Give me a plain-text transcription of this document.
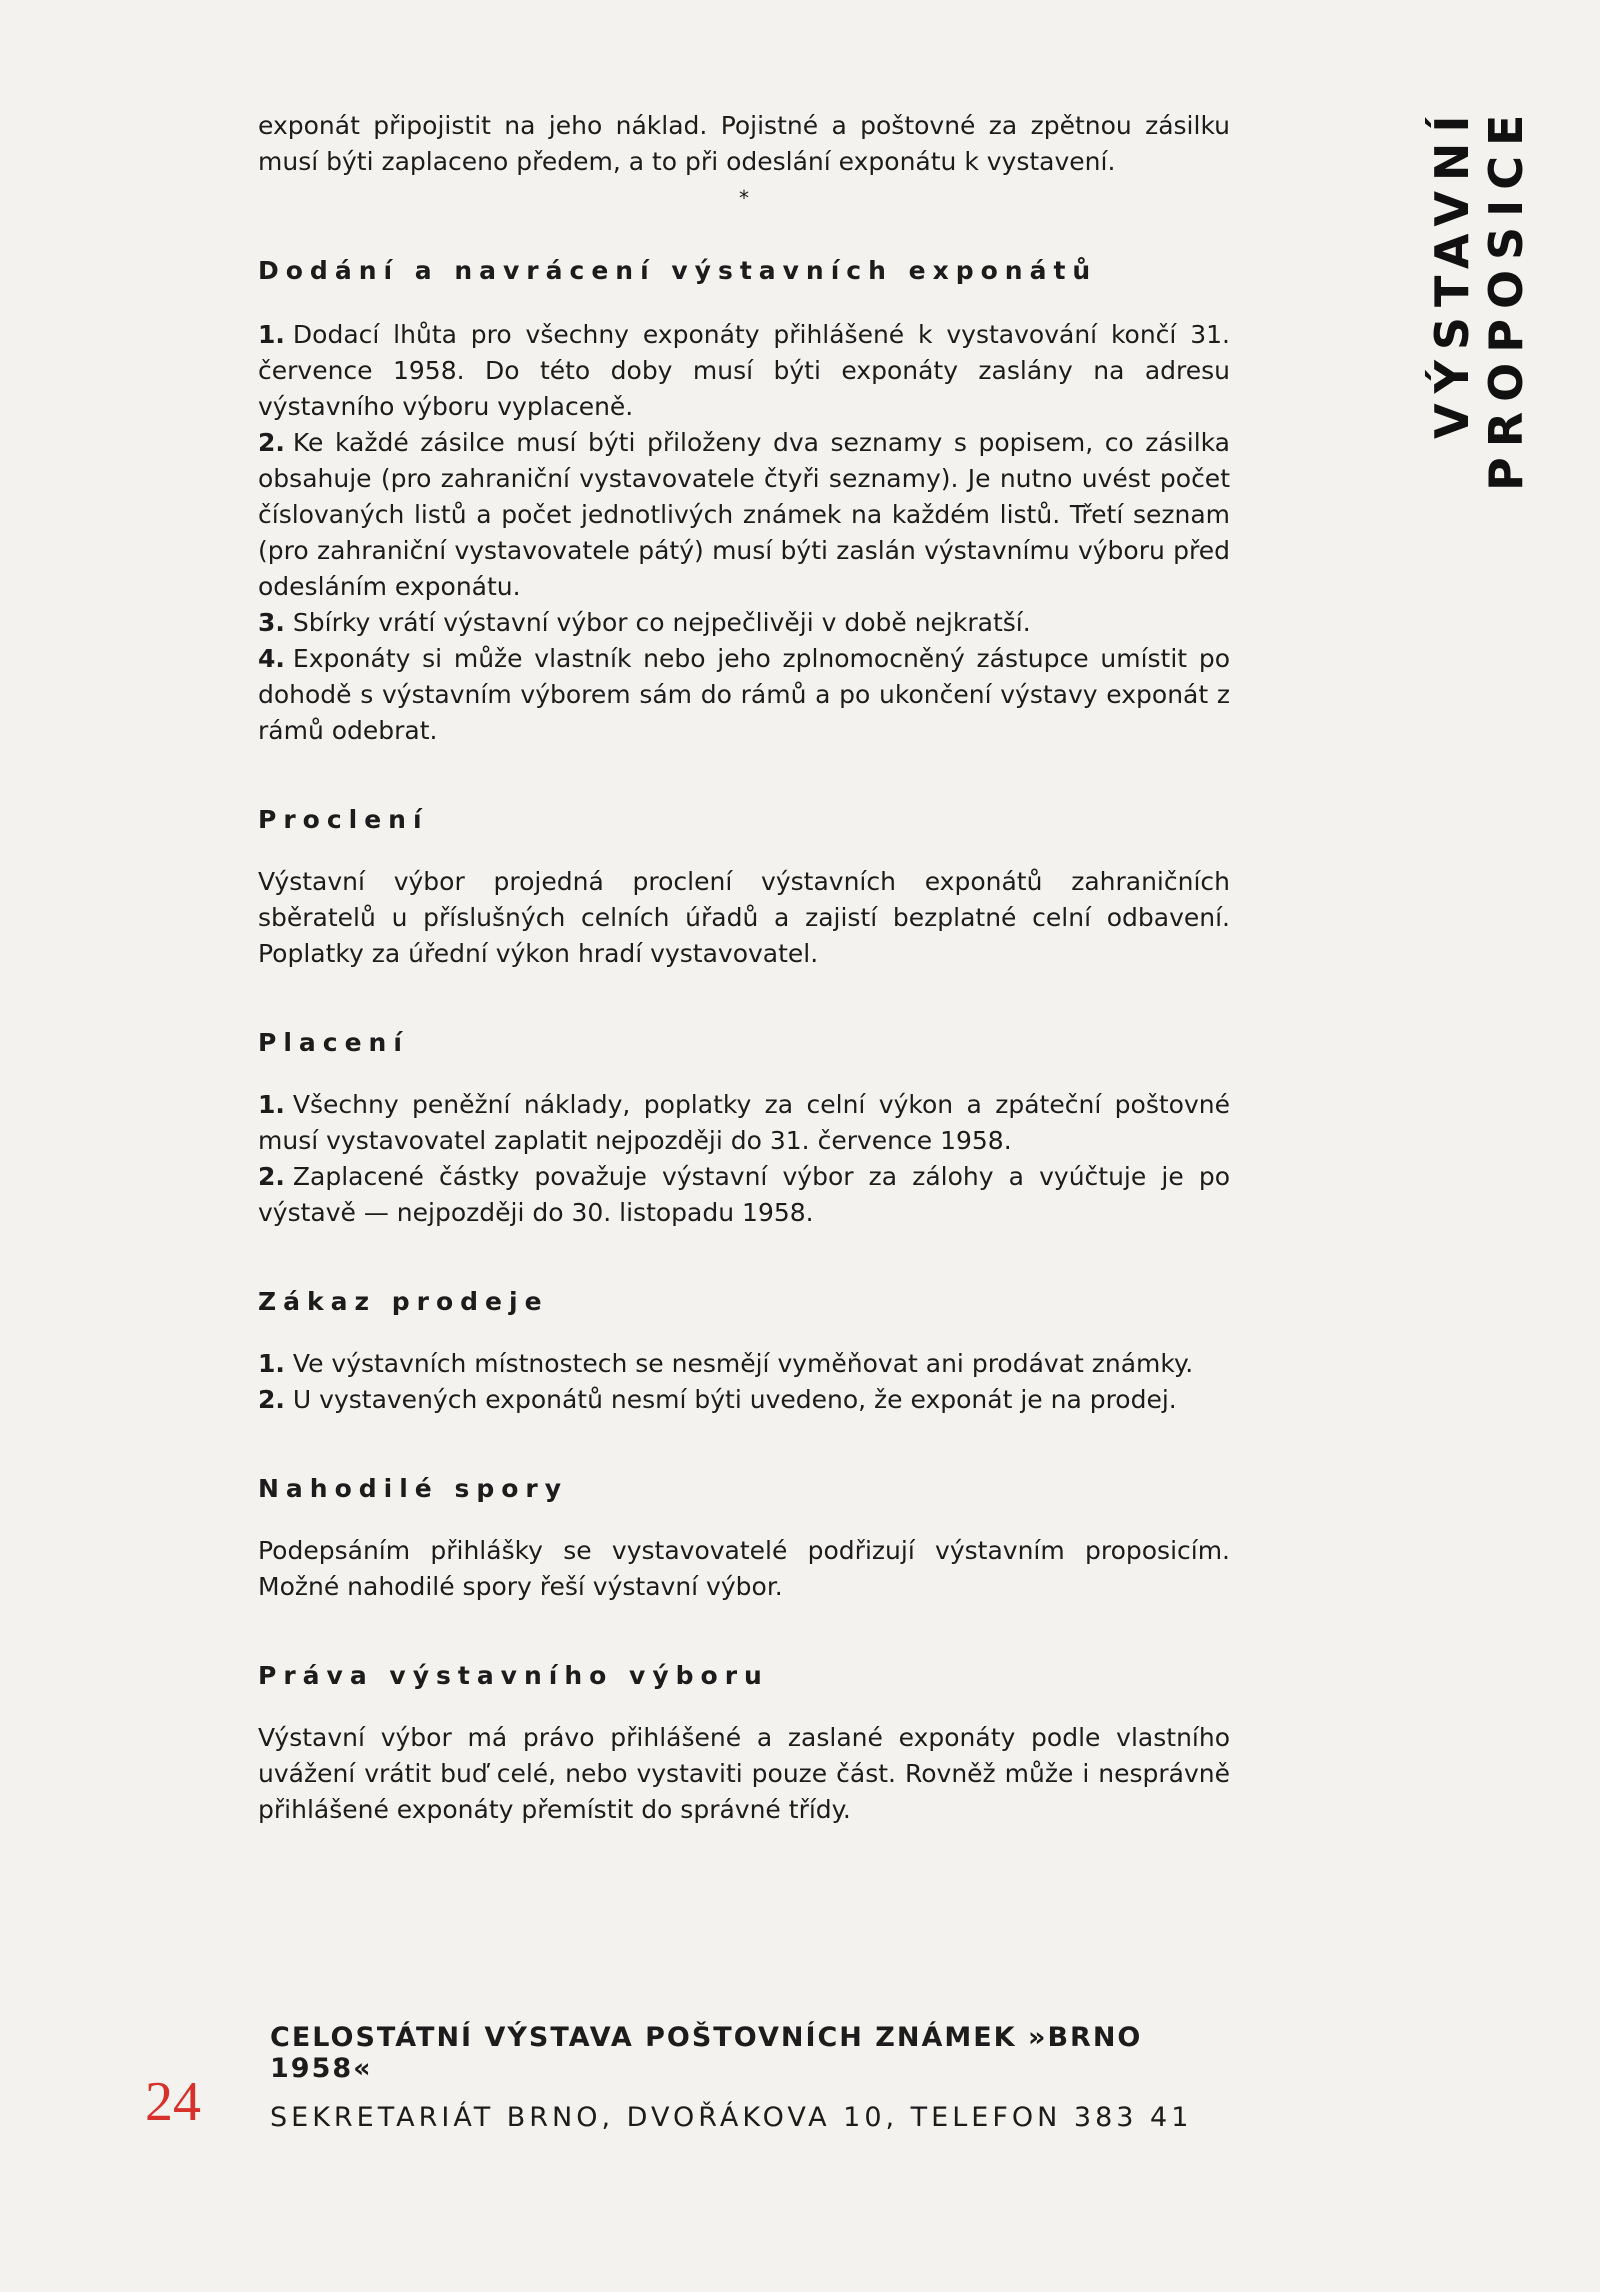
VÝSTAVNÍ PROPOSICE

exponát připojistit na jeho náklad. Pojistné a poštovné za zpětnou zásilku musí býti zaplaceno předem, a to při odeslání exponátu k vystavení.

*
Dodání a navrácení výstavních exponátů
1. Dodací lhůta pro všechny exponáty přihlášené k vystavování končí 31. července 1958. Do této doby musí býti exponáty zaslány na adresu výstavního výboru vyplaceně.
2. Ke každé zásilce musí býti přiloženy dva seznamy s popisem, co zásilka obsahuje (pro zahraniční vystavovatele čtyři seznamy). Je nutno uvést počet číslovaných listů a počet jednotlivých známek na každém listů. Třetí seznam (pro zahraniční vystavovatele pátý) musí býti zaslán výstavnímu výboru před odesláním exponátu.
3. Sbírky vrátí výstavní výbor co nejpečlivěji v době nejkratší.
4. Exponáty si může vlastník nebo jeho zplnomocněný zástupce umístit po dohodě s výstavním výborem sám do rámů a po ukončení výstavy exponát z rámů odebrat.
Proclení

Výstavní výbor projedná proclení výstavních exponátů zahraničních sběratelů u příslušných celních úřadů a zajistí bezplatné celní odbavení. Poplatky za úřední výkon hradí vystavovatel.

Placení
1. Všechny peněžní náklady, poplatky za celní výkon a zpáteční poštovné musí vystavovatel zaplatit nejpozději do 31. července 1958.
2. Zaplacené částky považuje výstavní výbor za zálohy a vyúčtuje je po výstavě — nejpozději do 30. listopadu 1958.
Zákaz prodeje
1. Ve výstavních místnostech se nesmějí vyměňovat ani prodávat známky.
2. U vystavených exponátů nesmí býti uvedeno, že exponát je na prodej.
Nahodilé spory

Podepsáním přihlášky se vystavovatelé podřizují výstavním proposicím. Možné nahodilé spory řeší výstavní výbor.

Práva výstavního výboru

Výstavní výbor má právo přihlášené a zaslané exponáty podle vlastního uvážení vrátit buď celé, nebo vystaviti pouze část. Rovněž může i nesprávně přihlášené exponáty přemístit do správné třídy.

24
CELOSTÁTNÍ VÝSTAVA POŠTOVNÍCH ZNÁMEK »BRNO 1958«
SEKRETARIÁT BRNO, DVOŘÁKOVA 10, TELEFON 383 41
